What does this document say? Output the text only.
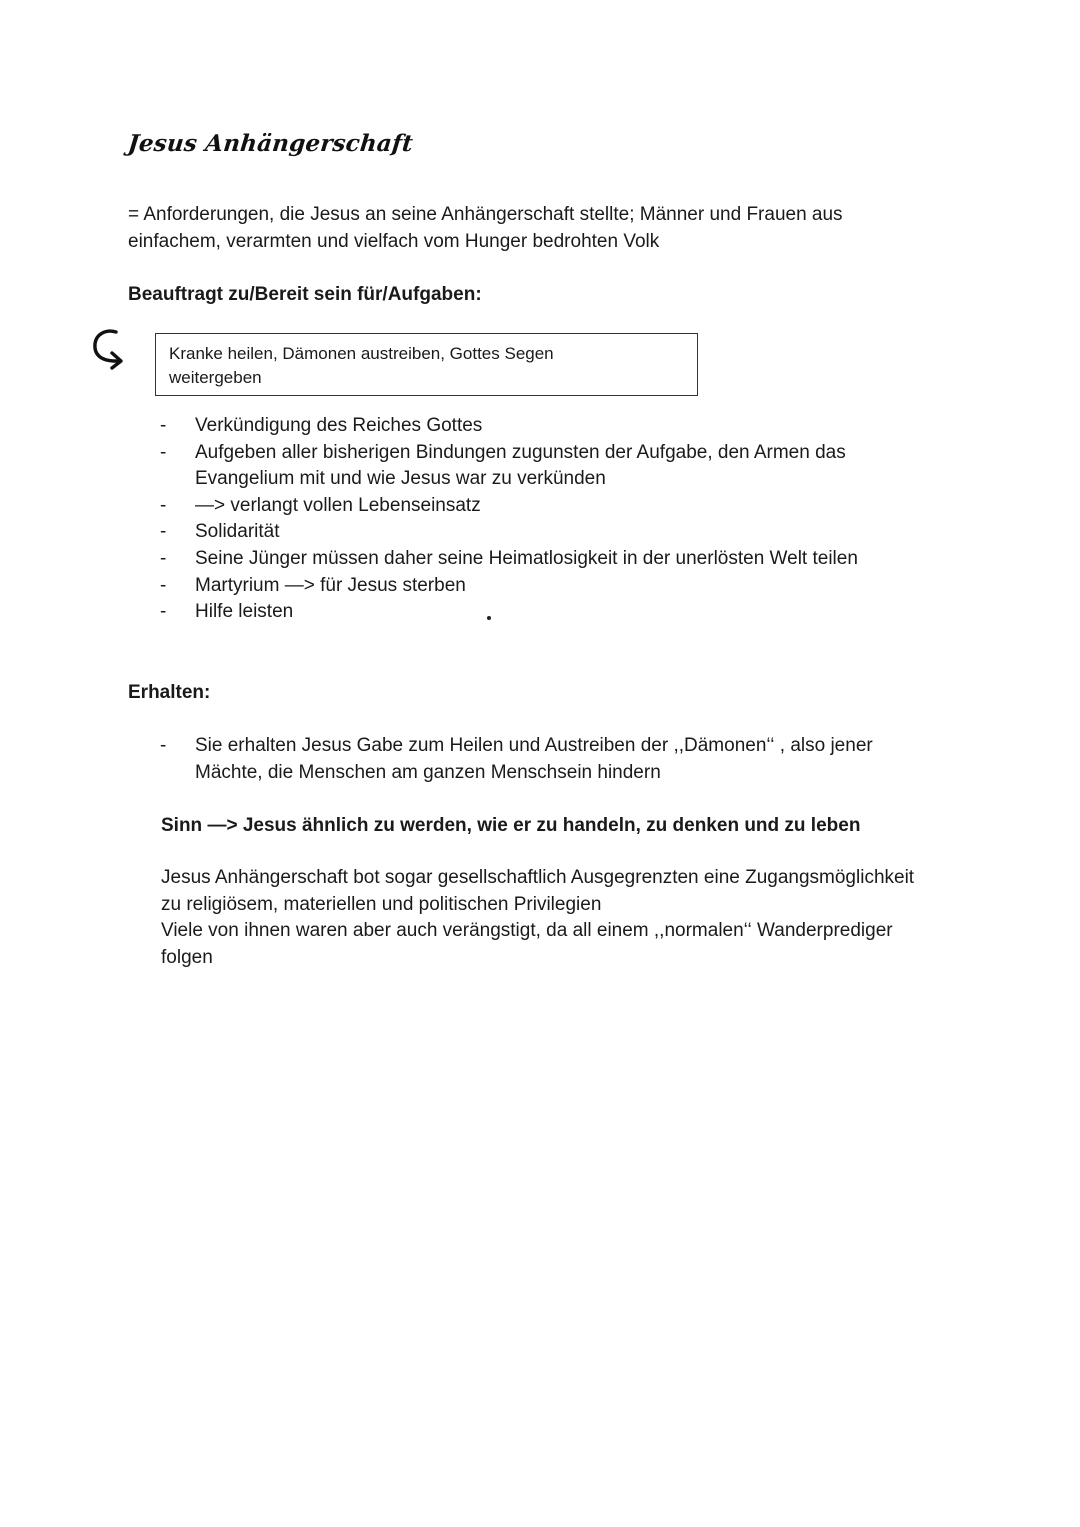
Jesus Anhängerschaft
= Anforderungen, die Jesus an seine Anhängerschaft stellte; Männer und Frauen aus
einfachem, verarmten und vielfach vom Hunger bedrohten Volk
Beauftragt zu/Bereit sein für/Aufgaben:
Kranke heilen, Dämonen austreiben, Gottes Segen
weitergeben
- Verkündigung des Reiches Gottes
- Aufgeben aller bisherigen Bindungen zugunsten der Aufgabe, den Armen das
Evangelium mit und wie Jesus war zu verkünden
- —> verlangt vollen Lebenseinsatz
- Solidarität
- Seine Jünger müssen daher seine Heimatlosigkeit in der unerlösten Welt teilen
- Martyrium —> für Jesus sterben
- Hilfe leisten
Erhalten:
- Sie erhalten Jesus Gabe zum Heilen und Austreiben der ,,Dämonen‘‘ , also jener
Mächte, die Menschen am ganzen Menschsein hindern
Sinn —> Jesus ähnlich zu werden, wie er zu handeln, zu denken und zu leben
Jesus Anhängerschaft bot sogar gesellschaftlich Ausgegrenzten eine Zugangsmöglichkeit
zu religiösem, materiellen und politischen Privilegien
Viele von ihnen waren aber auch verängstigt, da all einem ,,normalen‘‘ Wanderprediger
folgen
